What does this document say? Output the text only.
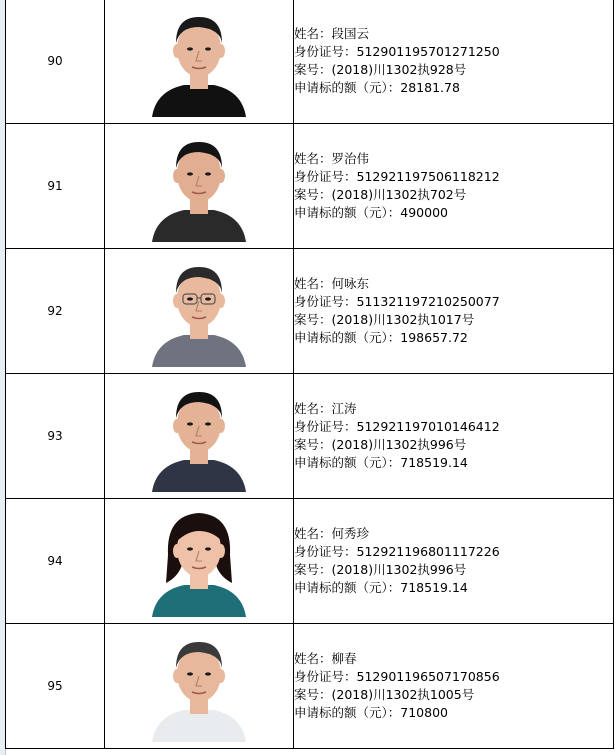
90		姓名：段国云
身份证号：512901195701271250
案号：(2018)川1302执928号
申请标的额（元）：28181.78

91		姓名：罗治伟
身份证号：512921197506118212
案号：(2018)川1302执702号
申请标的额（元）：490000

92		姓名：何咏东
身份证号：511321197210250077
案号：(2018)川1302执1017号
申请标的额（元）：198657.72

93		姓名：江涛
身份证号：512921197010146412
案号：(2018)川1302执996号
申请标的额（元）：718519.14

94		姓名：何秀珍
身份证号：512921196801117226
案号：(2018)川1302执996号
申请标的额（元）：718519.14

95		姓名：柳春
身份证号：512901196507170856
案号：(2018)川1302执1005号
申请标的额（元）：710800
